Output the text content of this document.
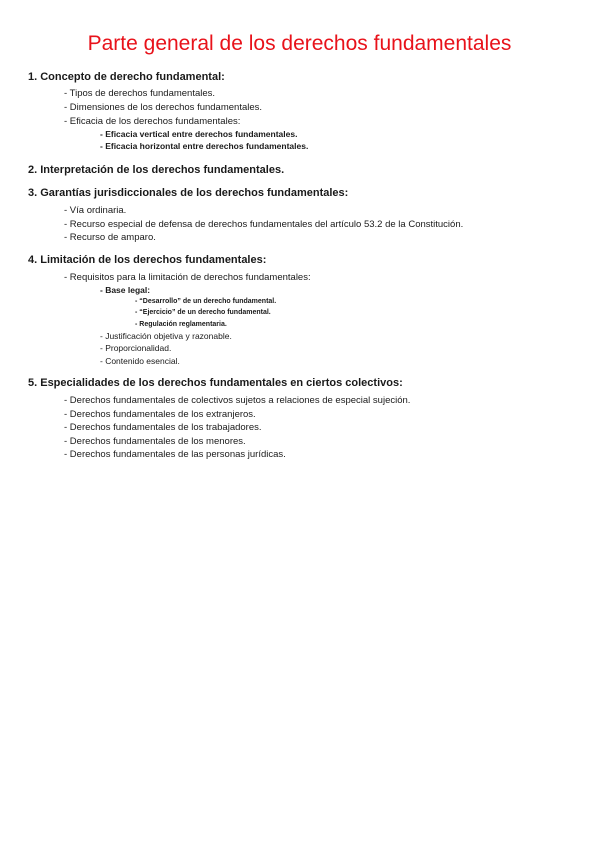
Parte general de los derechos fundamentales
1. Concepto de derecho fundamental:
- Tipos de derechos fundamentales.
- Dimensiones de los derechos fundamentales.
- Eficacia de los derechos fundamentales:
- Eficacia vertical entre derechos fundamentales.
- Eficacia horizontal entre derechos fundamentales.
2. Interpretación de los derechos fundamentales.
3. Garantías jurisdiccionales de los derechos fundamentales:
- Vía ordinaria.
- Recurso especial de defensa de derechos fundamentales del artículo 53.2 de la Constitución.
- Recurso de amparo.
4. Limitación de los derechos fundamentales:
- Requisitos para la limitación de derechos fundamentales:
- Base legal:
- “Desarrollo” de un derecho fundamental.
- “Ejercicio” de un derecho fundamental.
- Regulación reglamentaria.
- Justificación objetiva y razonable.
- Proporcionalidad.
- Contenido esencial.
5. Especialidades de los derechos fundamentales en ciertos colectivos:
- Derechos fundamentales de colectivos sujetos a relaciones de especial sujeción.
- Derechos fundamentales de los extranjeros.
- Derechos fundamentales de los trabajadores.
- Derechos fundamentales de los menores.
- Derechos fundamentales de las personas jurídicas.
